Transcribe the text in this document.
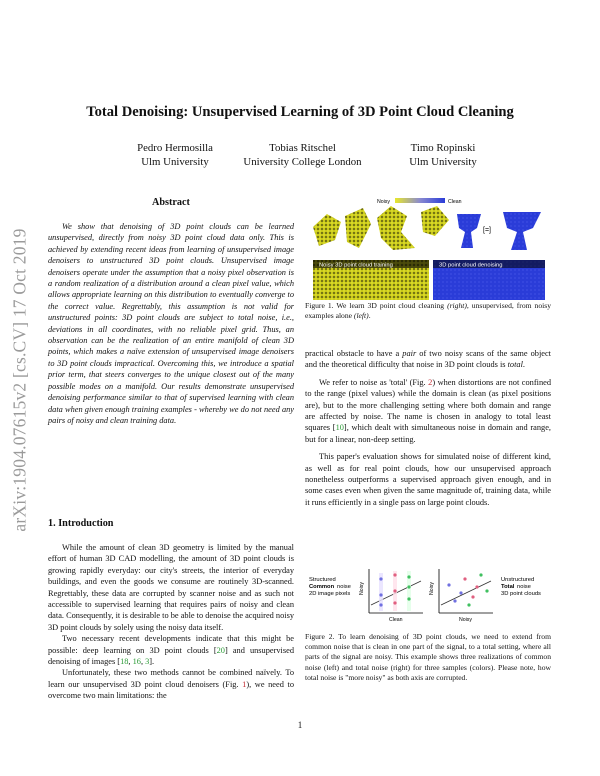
arXiv:1904.07615v2 [cs.CV] 17 Oct 2019
Total Denoising: Unsupervised Learning of 3D Point Cloud Cleaning
Pedro Hermosilla
Ulm University
Tobias Ritschel
University College London
Timo Ropinski
Ulm University
Abstract

We show that denoising of 3D point clouds can be learned unsupervised, directly from noisy 3D point cloud data only. This is achieved by extending recent ideas from learning of unsupervised image denoisers to unstructured 3D point clouds. Unsupervised image denoisers operate under the assumption that a noisy pixel observation is a random realization of a distribution around a clean pixel value, which allows appropriate learning on this distribution to eventually converge to the correct value. Regrettably, this assumption is not valid for unstructured points: 3D point clouds are subject to total noise, i.e., deviations in all coordinates, with no reliable pixel grid. Thus, an observation can be the realization of an entire manifold of clean 3D points, which makes a naïve extension of unsupervised image denoisers to 3D point clouds impractical. Overcoming this, we introduce a spatial prior term, that steers converges to the unique closest out of the many possible modes on a manifold. Our results demonstrate unsupervised denoising performance similar to that of supervised learning with clean data when given enough training examples - whereby we do not need any pairs of noisy and clean training data.

1. Introduction

While the amount of clean 3D geometry is limited by the manual effort of human 3D CAD modelling, the amount of 3D point clouds is growing rapidly everyday: our city's streets, the interior of everyday buildings, and even the goods we consume are routinely 3D-scanned. Regrettably, these data are corrupted by scanner noise and as such not accessible to supervised learning that requires pairs of noisy and clean data. Consequently, it is desirable to be able to denoise the acquired noisy 3D point clouds by solely using the noisy data itself.

Two necessary recent developments indicate that this might be possible: deep learning on 3D point clouds [20] and unsupervised denoising of images [18, 16, 3].

Unfortunately, these two methods cannot be combined naïvely. To learn our unsupervised 3D point cloud denoisers (Fig. 1), we need to overcome two main limitations: the

Noisy	Clean
[=]
Noisy 3D point cloud training	3D point cloud denoising
Figure 1. We learn 3D point cloud cleaning (right), unsupervised, from noisy examples alone (left).

practical obstacle to have a pair of two noisy scans of the same object and the theoretical difficulty that noise in 3D point clouds is total.

We refer to noise as 'total' (Fig. 2) when distortions are not confined to the range (pixel values) while the domain is clean (as pixel positions are), but to the more challenging setting where both domain and range are affected by noise. The name is chosen in analogy to total least squares [10], which dealt with simultaneous noise in domain and range, but for a linear, non-deep setting.

This paper's evaluation shows for simulated noise of different kind, as well as for real point clouds, how our unsupervised approach nonetheless outperforms a supervised approach given enough, and in some cases even when given the same magnitude of, training data, while it runs efficiently in a single pass on large point clouds.

Structured
Common noise
2D image pixels Noisy
Clean
Noisy
Noisy
Unstructured
Total noise
3D point clouds
Figure 2. To learn denoising of 3D point clouds, we need to extend from common noise that is clean in one part of the signal, to a total setting, where all parts of the signal are noisy. This example shows three realizations of common noise (left) and total noise (right) for three samples (colors). Please note, how total noise is "more noisy" as both axis are corrupted.
1
